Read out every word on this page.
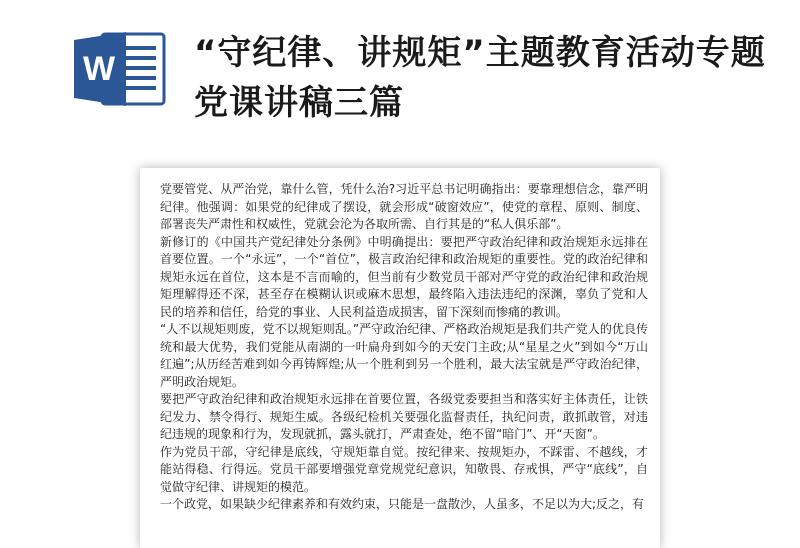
W “守纪律、讲规矩”主题教育活动专题党课讲稿三篇

党要管党、从严治党，靠什么管，凭什么治?习近平总书记明确指出：要靠理想信念，靠严明纪律。他强调：如果党的纪律成了摆设，就会形成“破窗效应”，使党的章程、原则、制度、部署丧失严肃性和权威性，党就会沦为各取所需、自行其是的“私人俱乐部”。

新修订的《中国共产党纪律处分条例》中明确提出：要把严守政治纪律和政治规矩永远排在首要位置。一个“永远”，一个“首位”，极言政治纪律和政治规矩的重要性。党的政治纪律和规矩永远在首位，这本是不言而喻的，但当前有少数党员干部对严守党的政治纪律和政治规矩理解得还不深，甚至存在模糊认识或麻木思想，最终陷入违法违纪的深渊，辜负了党和人民的培养和信任，给党的事业、人民利益造成损害，留下深刻而惨痛的教训。

“人不以规矩则废，党不以规矩则乱。”严守政治纪律、严格政治规矩是我们共产党人的优良传统和最大优势，我们党能从南湖的一叶扁舟到如今的天安门主政;从“星星之火”到如今“万山红遍”;从历经苦难到如今再铸辉煌;从一个胜利到另一个胜利，最大法宝就是严守政治纪律，严明政治规矩。

要把严守政治纪律和政治规矩永远排在首要位置，各级党委要担当和落实好主体责任，让铁纪发力、禁令得行、规矩生威。各级纪检机关要强化监督责任，执纪问责，敢抓敢管，对违纪违规的现象和行为，发现就抓，露头就打，严肃查处，绝不留“暗门”、开“天窗”。

作为党员干部，守纪律是底线，守规矩靠自觉。按纪律来、按规矩办，不踩雷、不越线，才能站得稳、行得远。党员干部要增强党章党规党纪意识，知敬畏、存戒惧，严守“底线”，自觉做守纪律、讲规矩的模范。

一个政党，如果缺少纪律素养和有效约束，只能是一盘散沙，人虽多，不足以为大;反之，有
